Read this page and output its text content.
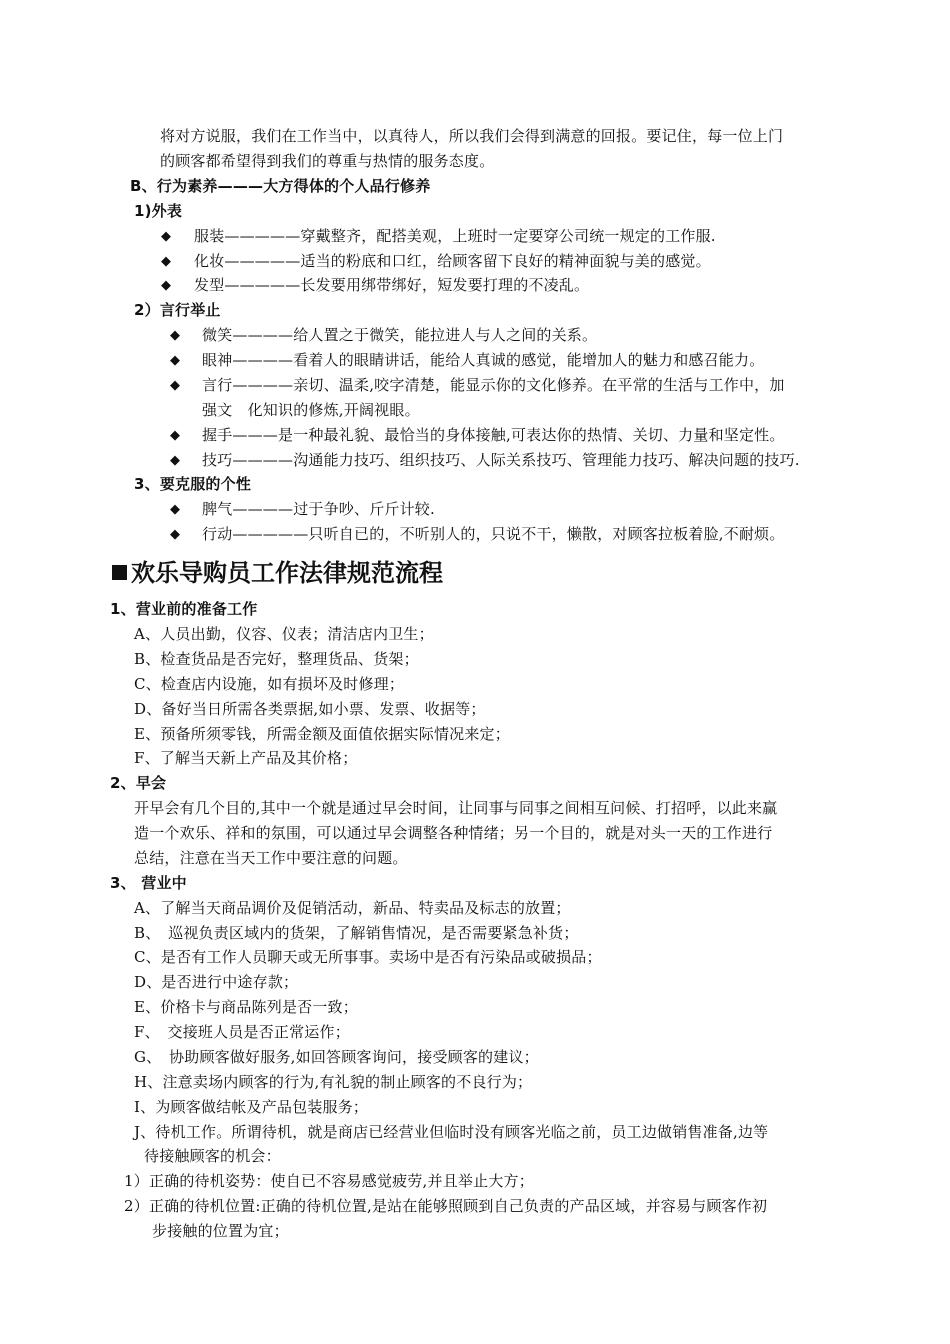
将对方说服，我们在工作当中，以真待人，所以我们会得到满意的回报。要记住，每一位上门
的顾客都希望得到我们的尊重与热情的服务态度。
B、行为素养———大方得体的个人品行修养
1)外表
◆ 服装—————穿戴整齐，配搭美观，上班时一定要穿公司统一规定的工作服.
◆ 化妆—————适当的粉底和口红，给顾客留下良好的精神面貌与美的感觉。
◆ 发型—————长发要用绑带绑好，短发要打理的不凌乱。
2）言行举止
◆ 微笑————给人置之于微笑，能拉进人与人之间的关系。
◆ 眼神————看着人的眼睛讲话，能给人真诚的感觉，能增加人的魅力和感召能力。
◆ 言行————亲切、温柔,咬字清楚，能显示你的文化修养。在平常的生活与工作中，加
强文　化知识的修炼,开阔视眼。
◆ 握手———是一种最礼貌、最恰当的身体接触,可表达你的热情、关切、力量和坚定性。
◆ 技巧————沟通能力技巧、组织技巧、人际关系技巧、管理能力技巧、解决问题的技巧.
3、要克服的个性
◆ 脾气————过于争吵、斤斤计较.
◆ 行动—————只听自已的，不听别人的，只说不干，懒散，对顾客拉板着脸,不耐烦。
欢乐导购员工作法律规范流程
1、营业前的准备工作
A、人员出勤，仪容、仪表；清洁店内卫生；
B、检查货品是否完好，整理货品、货架；
C、检查店内设施，如有损坏及时修理；
D、备好当日所需各类票据,如小票、发票、收据等；
E、预备所须零钱，所需金额及面值依据实际情况来定；
F、了解当天新上产品及其价格；
2、早会
开早会有几个目的,其中一个就是通过早会时间，让同事与同事之间相互问候、打招呼，以此来赢
造一个欢乐、祥和的氛围，可以通过早会调整各种情绪；另一个目的，就是对头一天的工作进行
总结，注意在当天工作中要注意的问题。
3、 营业中
A、了解当天商品调价及促销活动，新品、特卖品及标志的放置；
B、　巡视负责区域内的货架，了解销售情况，是否需要紧急补货；
C、是否有工作人员聊天或无所事事。卖场中是否有污染品或破损品；
D、是否进行中途存款；
E、价格卡与商品陈列是否一致；
F、　交接班人员是否正常运作；
G、　协助顾客做好服务,如回答顾客询问，接受顾客的建议；
H、注意卖场内顾客的行为,有礼貌的制止顾客的不良行为；
I、为顾客做结帐及产品包装服务；
J、待机工作。所谓待机，就是商店已经营业但临时没有顾客光临之前，员工边做销售准备,边等
待接触顾客的机会：
1）正确的待机姿势：使自已不容易感觉疲劳,并且举止大方；
2）正确的待机位置:正确的待机位置,是站在能够照顾到自己负责的产品区域，并容易与顾客作初
步接触的位置为宜；
